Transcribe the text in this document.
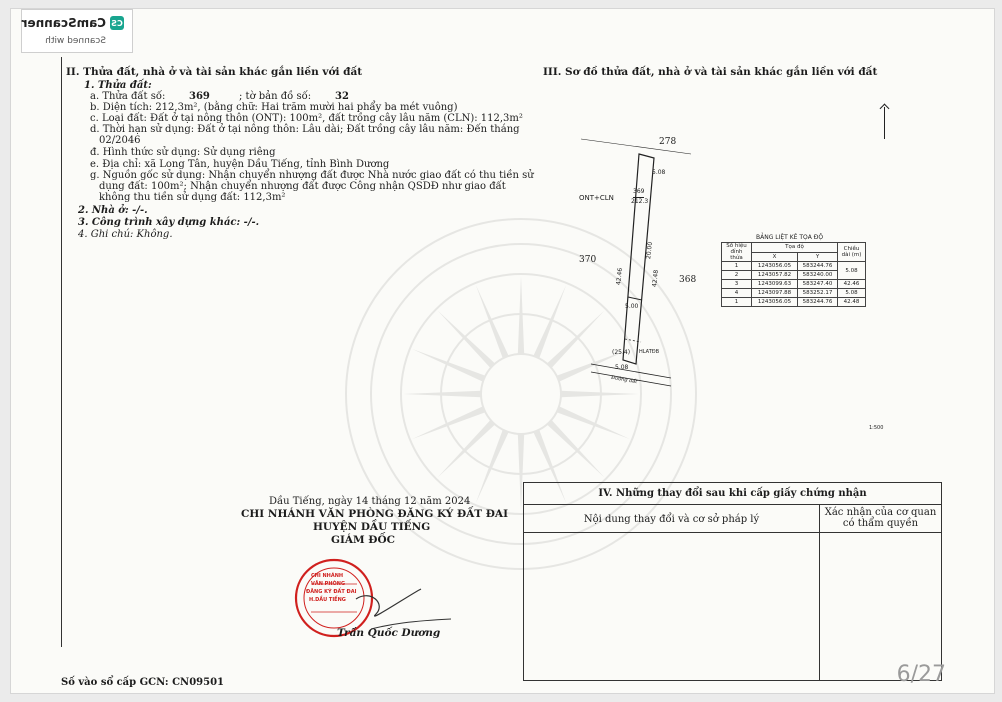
CS
CamScanner
Scanned with
II. Thửa đất, nhà ở và tài sản khác gắn liền với đất
1. Thửa đất:
a. Thửa đất số: 369	; tờ bản đồ số: 32
b. Diện tích: 212,3m², (bằng chữ: Hai trăm mười hai phẩy ba mét vuông)
c. Loại đất: Đất ở tại nông thôn (ONT): 100m², đất trồng cây lâu năm (CLN): 112,3m²
d. Thời hạn sử dụng: Đất ở tại nông thôn: Lâu dài; Đất trồng cây lâu năm: Đến tháng
02/2046
đ. Hình thức sử dụng: Sử dụng riêng
e. Địa chỉ: xã Long Tân, huyện Dầu Tiếng, tỉnh Bình Dương
g. Nguồn gốc sử dụng: Nhận chuyển nhượng đất được Nhà nước giao đất có thu tiền sử
dụng đất: 100m²; Nhận chuyển nhượng đất được Công nhận QSDĐ như giao đất
không thu tiền sử dụng đất: 112,3m²
2. Nhà ở: -/-.
3. Công trình xây dựng khác: -/-.
4. Ghi chú: Không.
III. Sơ đồ thửa đất, nhà ở và tài sản khác gắn liền với đất
278
370
368
ONT+CLN
369
212.3
5.08
5.00
5.08
42.46	42.48
20.00
(25.4) HLATĐB
Đường đất
1:500
BẢNG LIỆT KÊ TỌA ĐỘ
Số hiệu đỉnh thửa	Tọa độ		Chiều dài (m)
	X	Y	
1	1243056.05	583244.76	5.08
2	1243057.82	583240.00	
3	1243099.63	583247.40	42.46
4	1243097.88	583252.17	5.08
1	1243056.05	583244.76	42.48
Dầu Tiếng, ngày 14 tháng 12 năm 2024
CHI NHÁNH VĂN PHÒNG ĐĂNG KÝ ĐẤT ĐAI
HUYỆN DẦU TIẾNG
GIÁM ĐỐC
CHI NHÁNH
VĂN PHÒNG
ĐĂNG KÝ ĐẤT ĐAI
H.DẦU TIẾNG
Trần Quốc Dương
IV. Những thay đổi sau khi cấp giấy chứng nhận
Nội dung thay đổi và cơ sở pháp lý
Xác nhận của cơ quan có thẩm quyền
Số vào sổ cấp GCN: CN09501	6/27
